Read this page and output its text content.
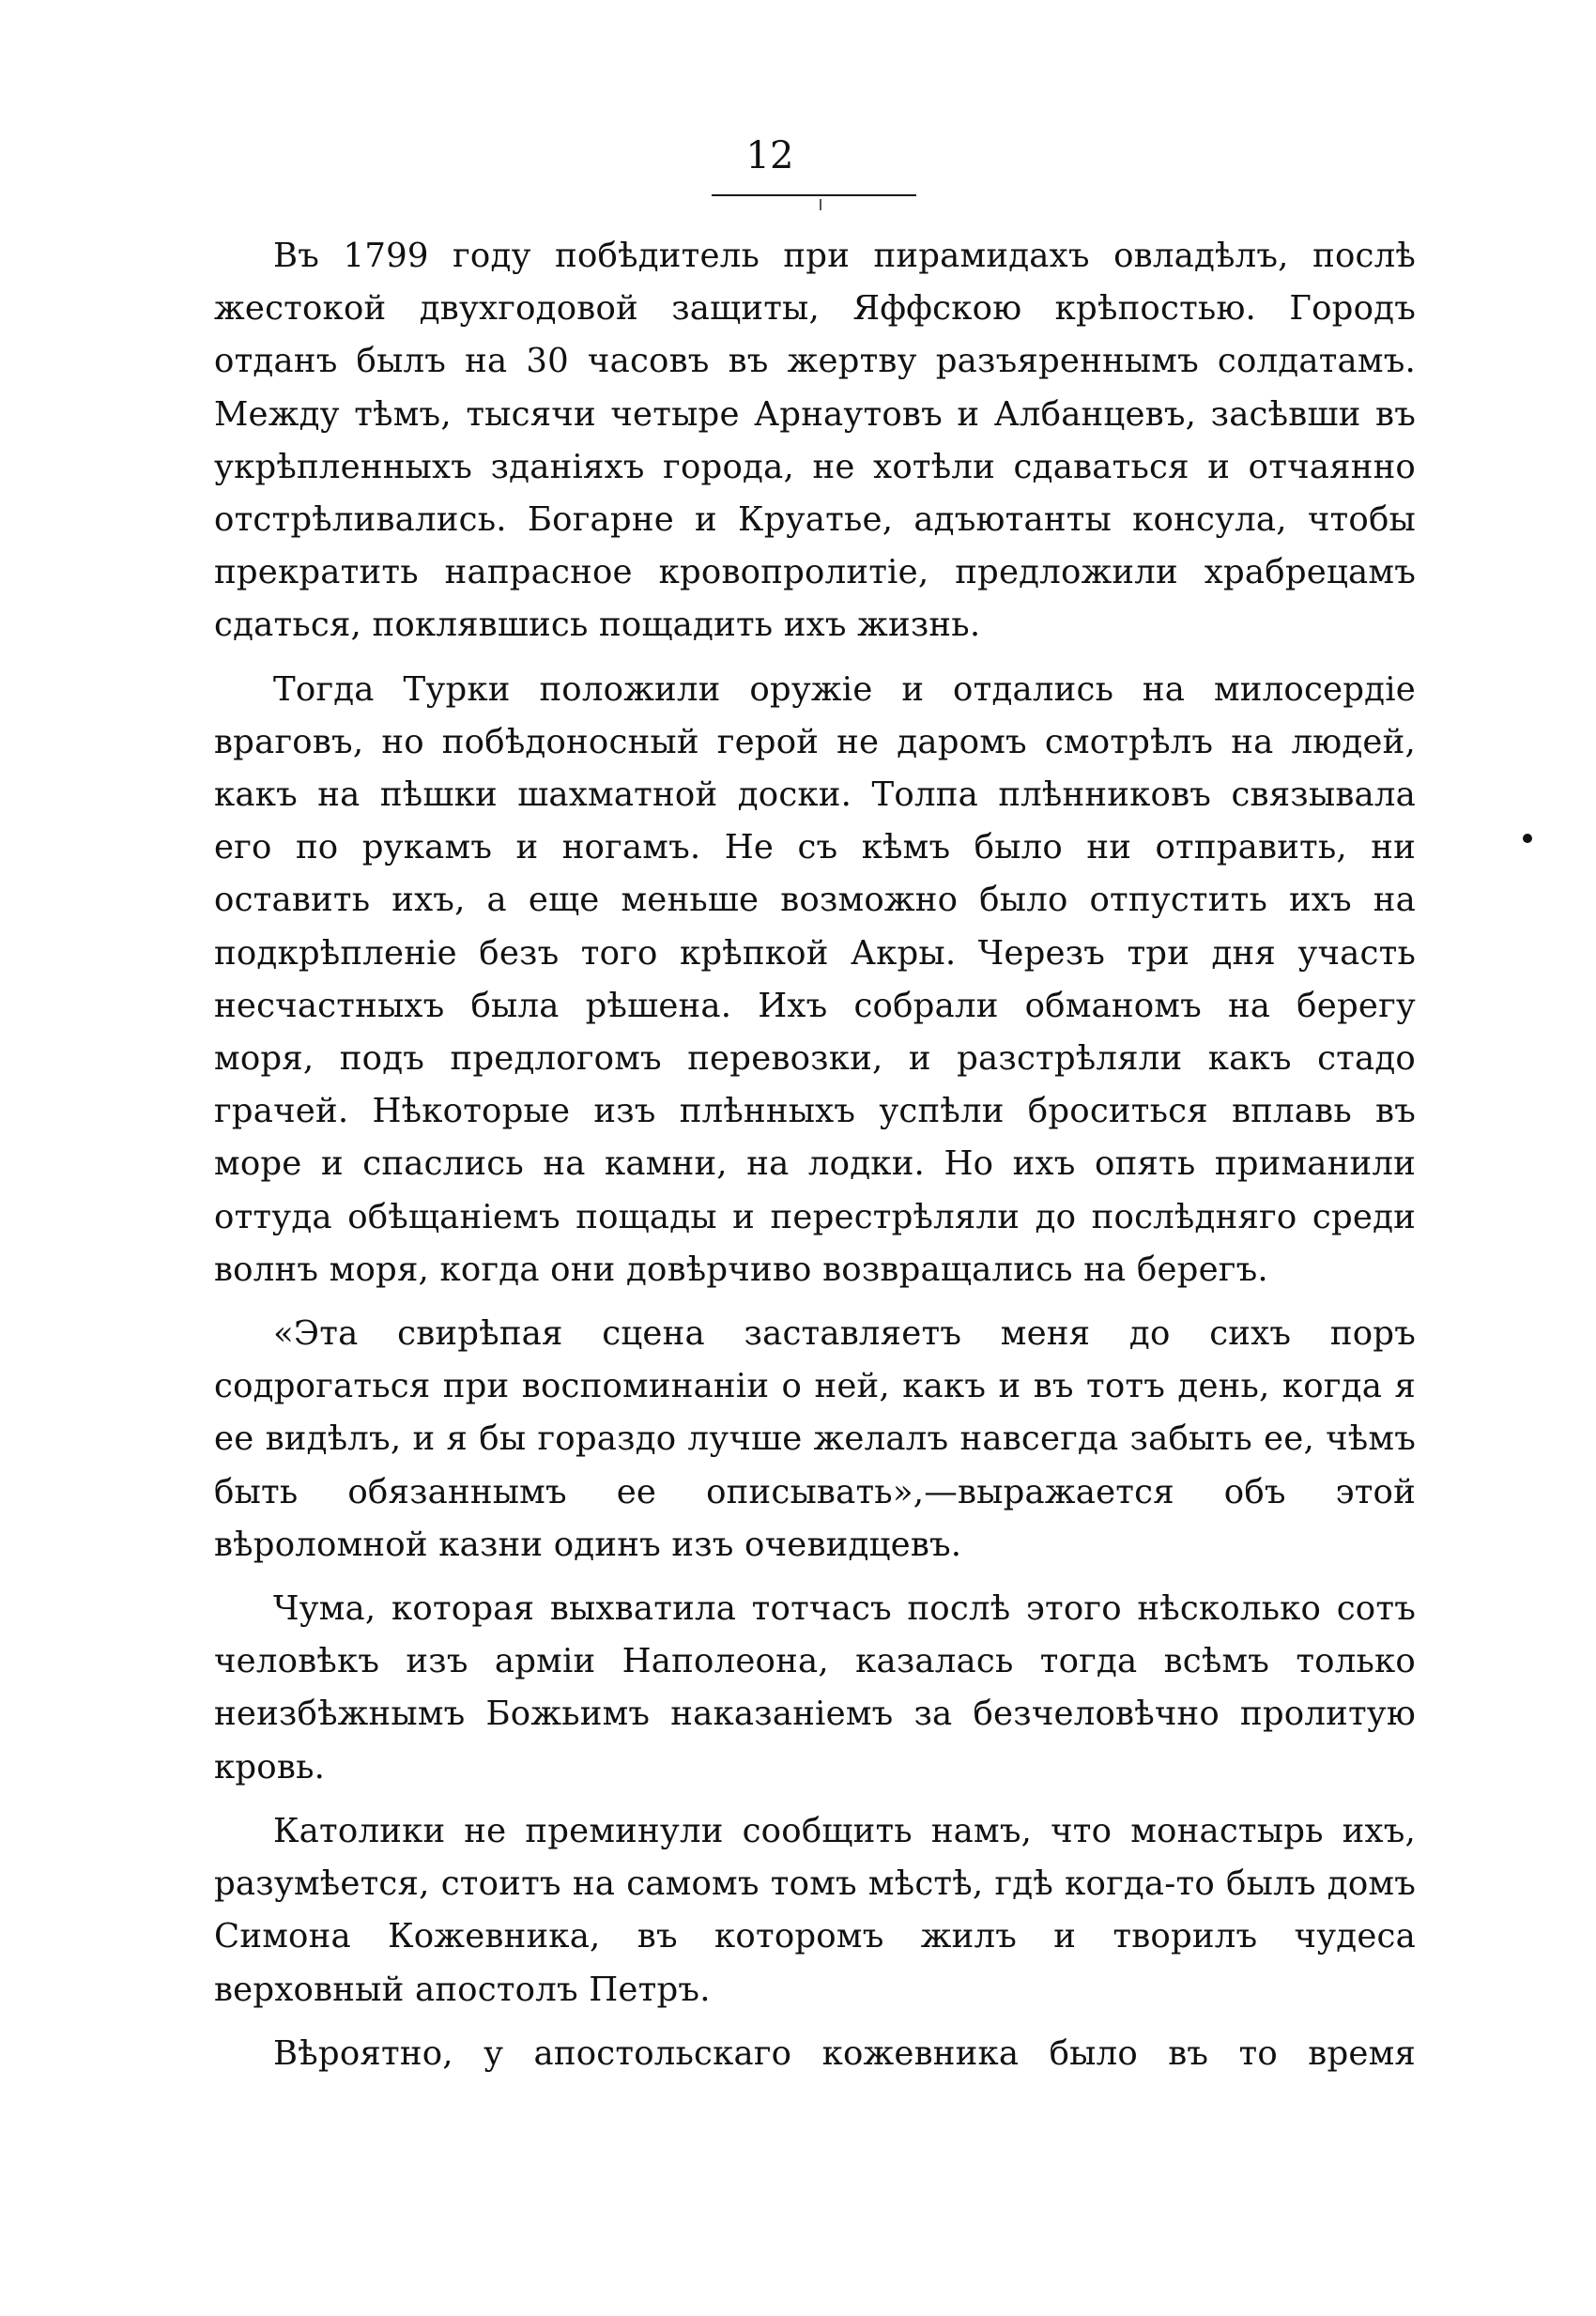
12

Въ 1799 году побѣдитель при пирамидахъ овладѣлъ, послѣ жестокой двухгодовой защиты, Яффскою крѣпостью. Городъ отданъ былъ на 30 часовъ въ жертву разъяреннымъ солдатамъ. Между тѣмъ, тысячи четыре Арнаутовъ и Албанцевъ, засѣвши въ укрѣпленныхъ зданiяхъ города, не хотѣли сдаваться и отчаянно отстрѣливались. Богарне и Круатье, адъютанты консула, чтобы прекратить напрасное кровопролитiе, предложили храбрецамъ сдаться, поклявшись пощадить ихъ жизнь.

Тогда Турки положили оружiе и отдались на милосердiе враговъ, но побѣдоносный герой не даромъ смотрѣлъ на людей, какъ на пѣшки шахматной доски. Толпа плѣнниковъ связывала его по рукамъ и ногамъ. Не съ кѣмъ было ни отправить, ни оставить ихъ, а еще меньше возможно было отпустить ихъ на подкрѣпленiе безъ того крѣпкой Акры. Черезъ три дня участь несчастныхъ была рѣшена. Ихъ собрали обманомъ на берегу моря, подъ предлогомъ перевозки, и разстрѣляли какъ стадо грачей. Нѣкоторые изъ плѣнныхъ успѣли броситься вплавь въ море и спаслись на камни, на лодки. Но ихъ опять приманили оттуда обѣщанiемъ пощады и перестрѣляли до послѣдняго среди волнъ моря, когда они довѣрчиво возвращались на берегъ.

«Эта свирѣпая сцена заставляетъ меня до сихъ поръ содрогаться при воспоминанiи о ней, какъ и въ тотъ день, когда я ее видѣлъ, и я бы гораздо лучше желалъ навсегда забыть ее, чѣмъ быть обязаннымъ ее описывать»,—выражается объ этой вѣроломной казни одинъ изъ очевидцевъ.

Чума, которая выхватила тотчасъ послѣ этого нѣсколько сотъ человѣкъ изъ армiи Наполеона, казалась тогда всѣмъ только неизбѣжнымъ Божьимъ наказанiемъ за безчеловѣчно пролитую кровь.

Католики не преминули сообщить намъ, что монастырь ихъ, разумѣется, стоитъ на самомъ томъ мѣстѣ, гдѣ когда-то былъ домъ Симона Кожевника, въ которомъ жилъ и творилъ чудеса верховный апостолъ Петръ.

Вѣроятно, у апостольскаго кожевника было въ то время
